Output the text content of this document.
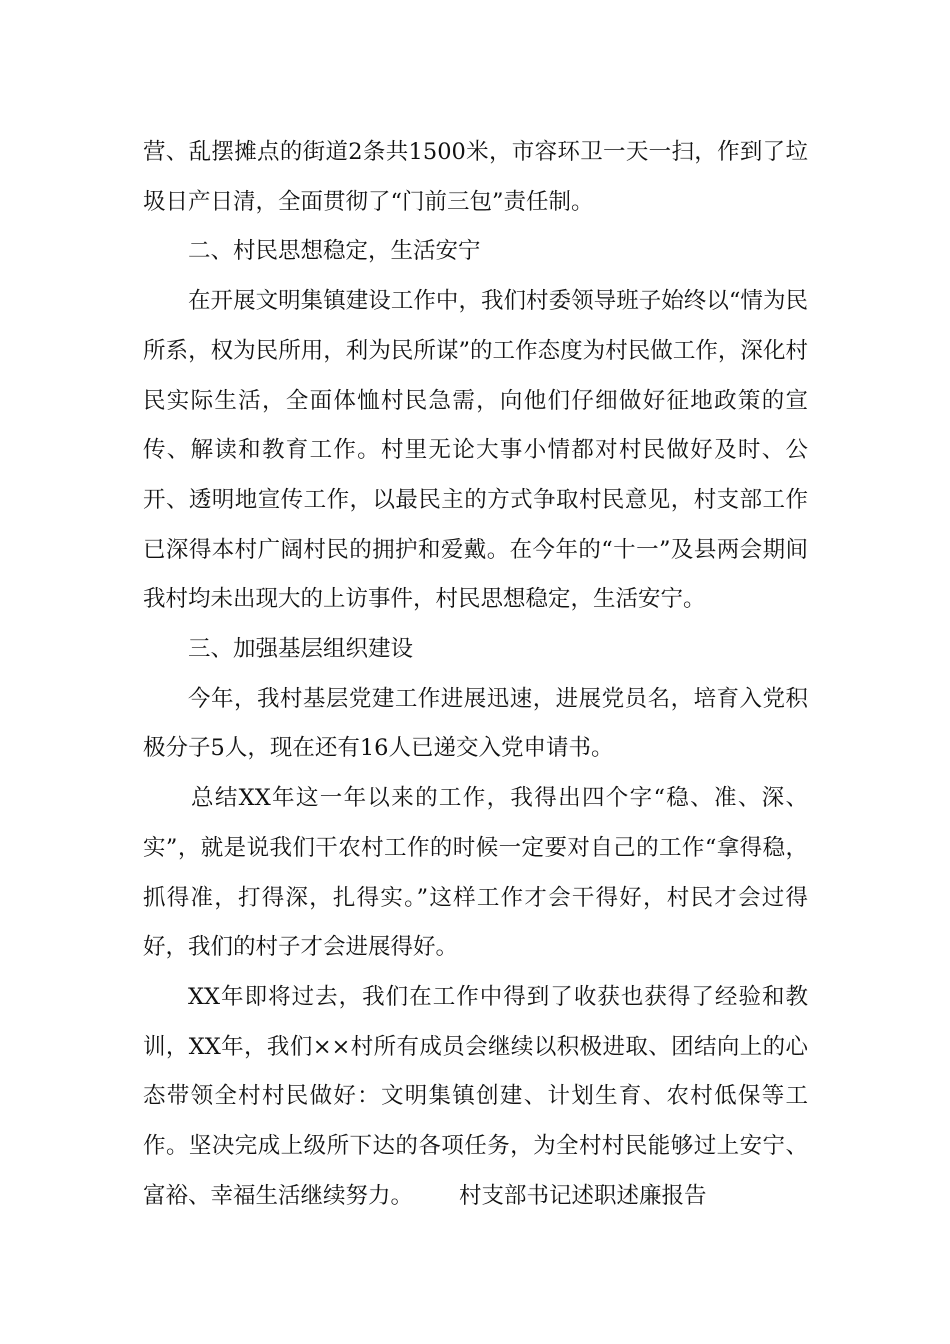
营、乱摆摊点的街道2条共1500米，市容环卫一天一扫，作到了垃圾日产日清，全面贯彻了“门前三包”责任制。

二、村民思想稳定，生活安宁

在开展文明集镇建设工作中，我们村委领导班子始终以“情为民所系，权为民所用，利为民所谋”的工作态度为村民做工作，深化村民实际生活，全面体恤村民急需，向他们仔细做好征地政策的宣传、解读和教育工作。村里无论大事小情都对村民做好及时、公开、透明地宣传工作，以最民主的方式争取村民意见，村支部工作已深得本村广阔村民的拥护和爱戴。在今年的“十一”及县两会期间我村均未出现大的上访事件，村民思想稳定，生活安宁。

三、加强基层组织建设

今年，我村基层党建工作进展迅速，进展党员名，培育入党积极分子5人，现在还有16人已递交入党申请书。

总结XX年这一年以来的工作，我得出四个字“稳、准、深、实”，就是说我们干农村工作的时候一定要对自己的工作“拿得稳，抓得准，打得深，扎得实。”这样工作才会干得好，村民才会过得好，我们的村子才会进展得好。

XX年即将过去，我们在工作中得到了收获也获得了经验和教训，XX年，我们××村所有成员会继续以积极进取、团结向上的心态带领全村村民做好：文明集镇创建、计划生育、农村低保等工作。坚决完成上级所下达的各项任务，为全村村民能够过上安宁、富裕、幸福生活继续努力。 村支部书记述职述廉报告
